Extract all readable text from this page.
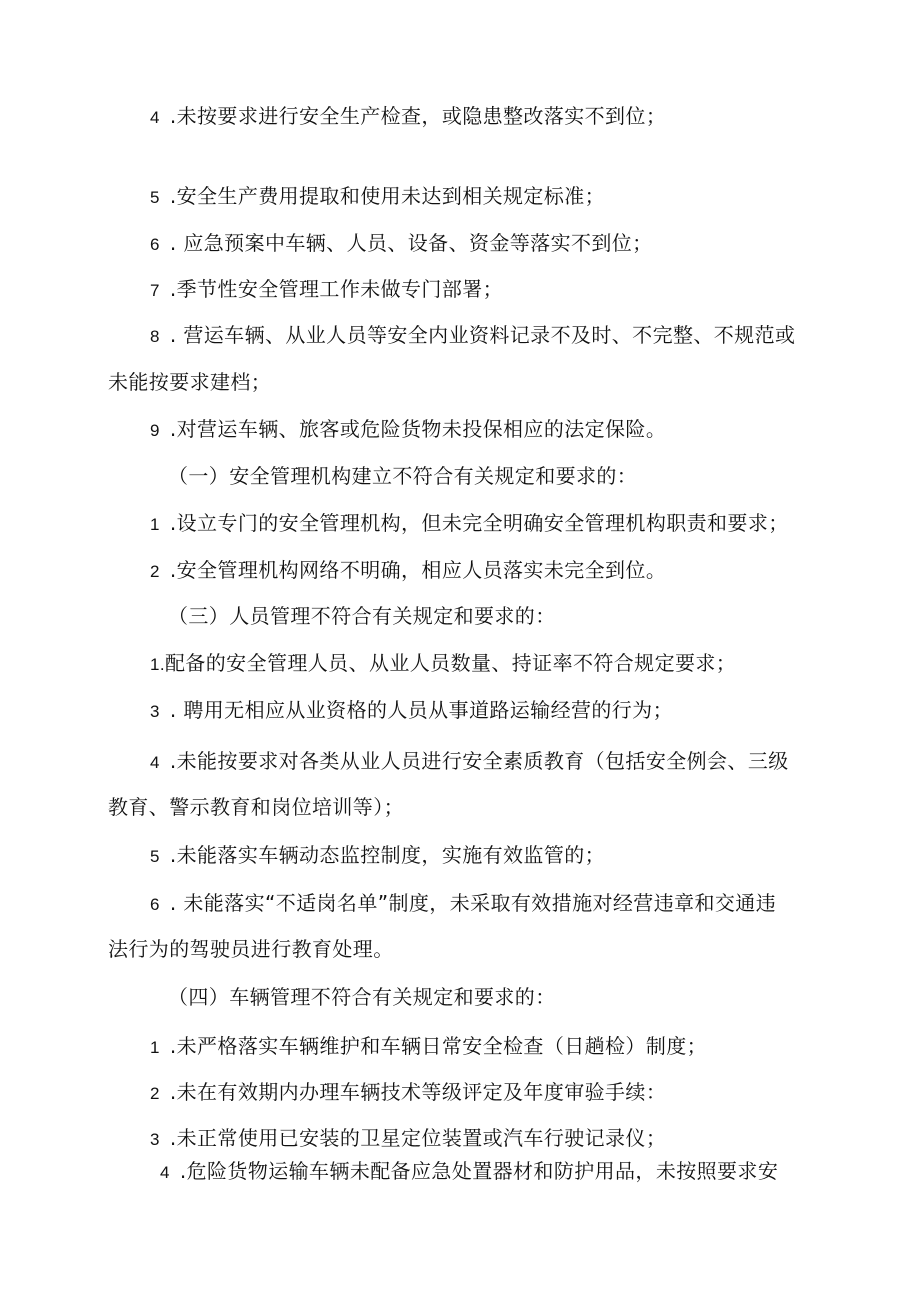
4 .未按要求进行安全生产检查，或隐患整改落实不到位；
5 .安全生产费用提取和使用未达到相关规定标准；
6 . 应急预案中车辆、人员、设备、资金等落实不到位；
7 .季节性安全管理工作未做专门部署；
8 . 营运车辆、从业人员等安全内业资料记录不及时、不完整、不规范或
未能按要求建档；
9 .对营运车辆、旅客或危险货物未投保相应的法定保险。
（一）安全管理机构建立不符合有关规定和要求的：
1 .设立专门的安全管理机构，但未完全明确安全管理机构职责和要求；
2 .安全管理机构网络不明确，相应人员落实未完全到位。
（三）人员管理不符合有关规定和要求的：
1.配备的安全管理人员、从业人员数量、持证率不符合规定要求；
3 . 聘用无相应从业资格的人员从事道路运输经营的行为；
4 .未能按要求对各类从业人员进行安全素质教育（包括安全例会、三级
教育、警示教育和岗位培训等）；
5 .未能落实车辆动态监控制度，实施有效监管的；
6 . 未能落实“不适岗名单”制度，未采取有效措施对经营违章和交通违
法行为的驾驶员进行教育处理。
（四）车辆管理不符合有关规定和要求的：
1 .未严格落实车辆维护和车辆日常安全检查（日趟检）制度；
2 .未在有效期内办理车辆技术等级评定及年度审验手续：
3 .未正常使用已安装的卫星定位装置或汽车行驶记录仪；
4 .危险货物运输车辆未配备应急处置器材和防护用品，未按照要求安
